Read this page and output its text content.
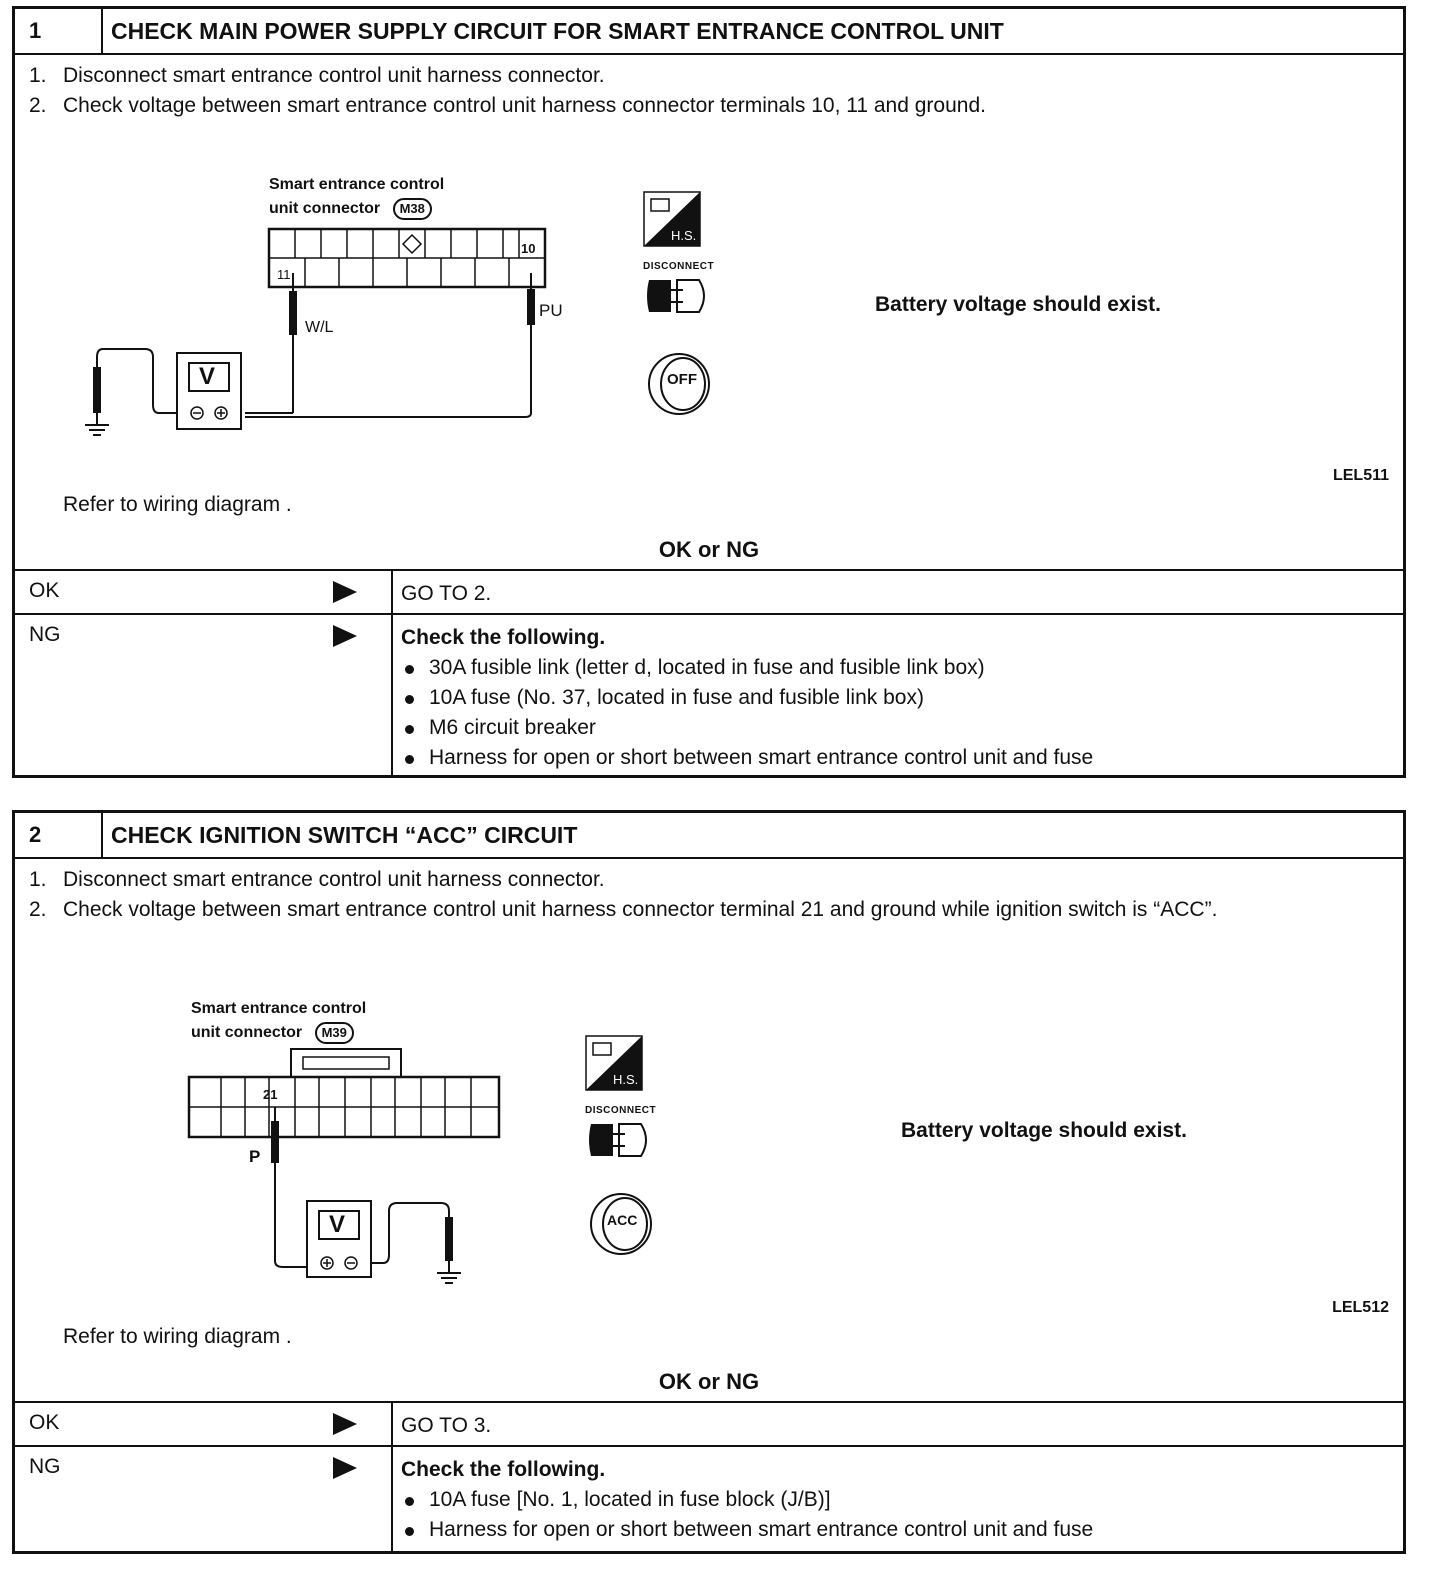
1	CHECK MAIN POWER SUPPLY CIRCUIT FOR SMART ENTRANCE CONTROL UNIT

1. Disconnect smart entrance control unit harness connector.

2. Check voltage between smart entrance control unit harness connector terminals 10, 11 and ground.

Smart entrance control
unit connector M38
11
10
W/L
PU
V
H.S.
DISCONNECT
OFF
Battery voltage should exist.
LEL511
Refer to wiring diagram .
OK or NG
OK	GO TO 2.
NG	Check the following.
30A fusible link (letter d, located in fuse and fusible link box)
10A fuse (No. 37, located in fuse and fusible link box)
M6 circuit breaker
Harness for open or short between smart entrance control unit and fuse
2	CHECK IGNITION SWITCH “ACC” CIRCUIT

1. Disconnect smart entrance control unit harness connector.

2. Check voltage between smart entrance control unit harness connector terminal 21 and ground while ignition switch is “ACC”.

Smart entrance control
unit connector M39
21
P
V
H.S.
DISCONNECT
ACC
Battery voltage should exist.
LEL512
Refer to wiring diagram .
OK or NG
OK	GO TO 3.
NG	Check the following.
10A fuse [No. 1, located in fuse block (J/B)]
Harness for open or short between smart entrance control unit and fuse
